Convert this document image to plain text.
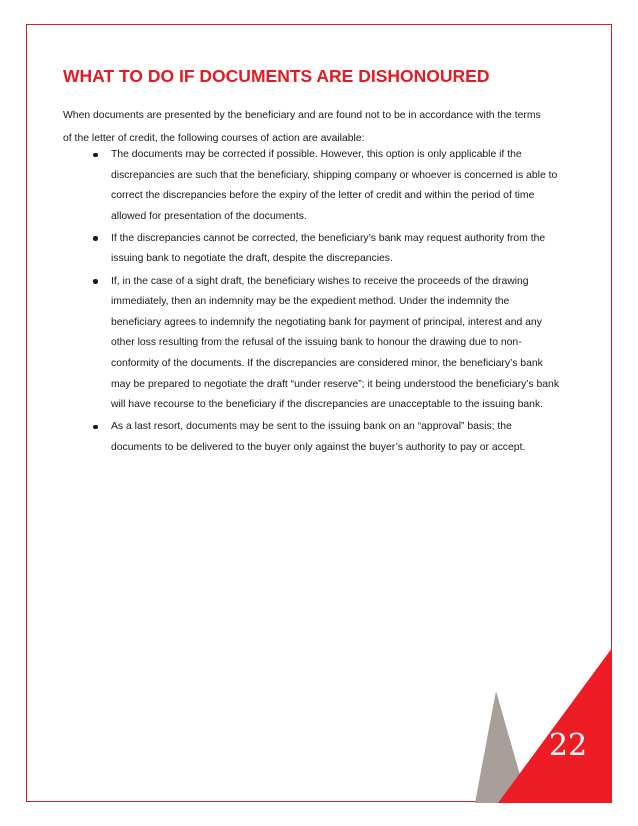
WHAT TO DO IF DOCUMENTS ARE DISHONOURED
When documents are presented by the beneficiary and are found not to be in accordance with the terms
of the letter of credit, the following courses of action are available:
The documents may be corrected if possible. However, this option is only applicable if the
discrepancies are such that the beneficiary, shipping company or whoever is concerned is able to
correct the discrepancies before the expiry of the letter of credit and within the period of time
allowed for presentation of the documents.
If the discrepancies cannot be corrected, the beneficiary’s bank may request authority from the
issuing bank to negotiate the draft, despite the discrepancies.
If, in the case of a sight draft, the beneficiary wishes to receive the proceeds of the drawing
immediately, then an indemnity may be the expedient method. Under the indemnity the
beneficiary agrees to indemnify the negotiating bank for payment of principal, interest and any
other loss resulting from the refusal of the issuing bank to honour the drawing due to non-
conformity of the documents. If the discrepancies are considered minor, the beneficiary’s bank
may be prepared to negotiate the draft “under reserve”; it being understood the beneficiary’s bank
will have recourse to the beneficiary if the discrepancies are unacceptable to the issuing bank.
As a last resort, documents may be sent to the issuing bank on an “approval” basis; the
documents to be delivered to the buyer only against the buyer’s authority to pay or accept.
22
